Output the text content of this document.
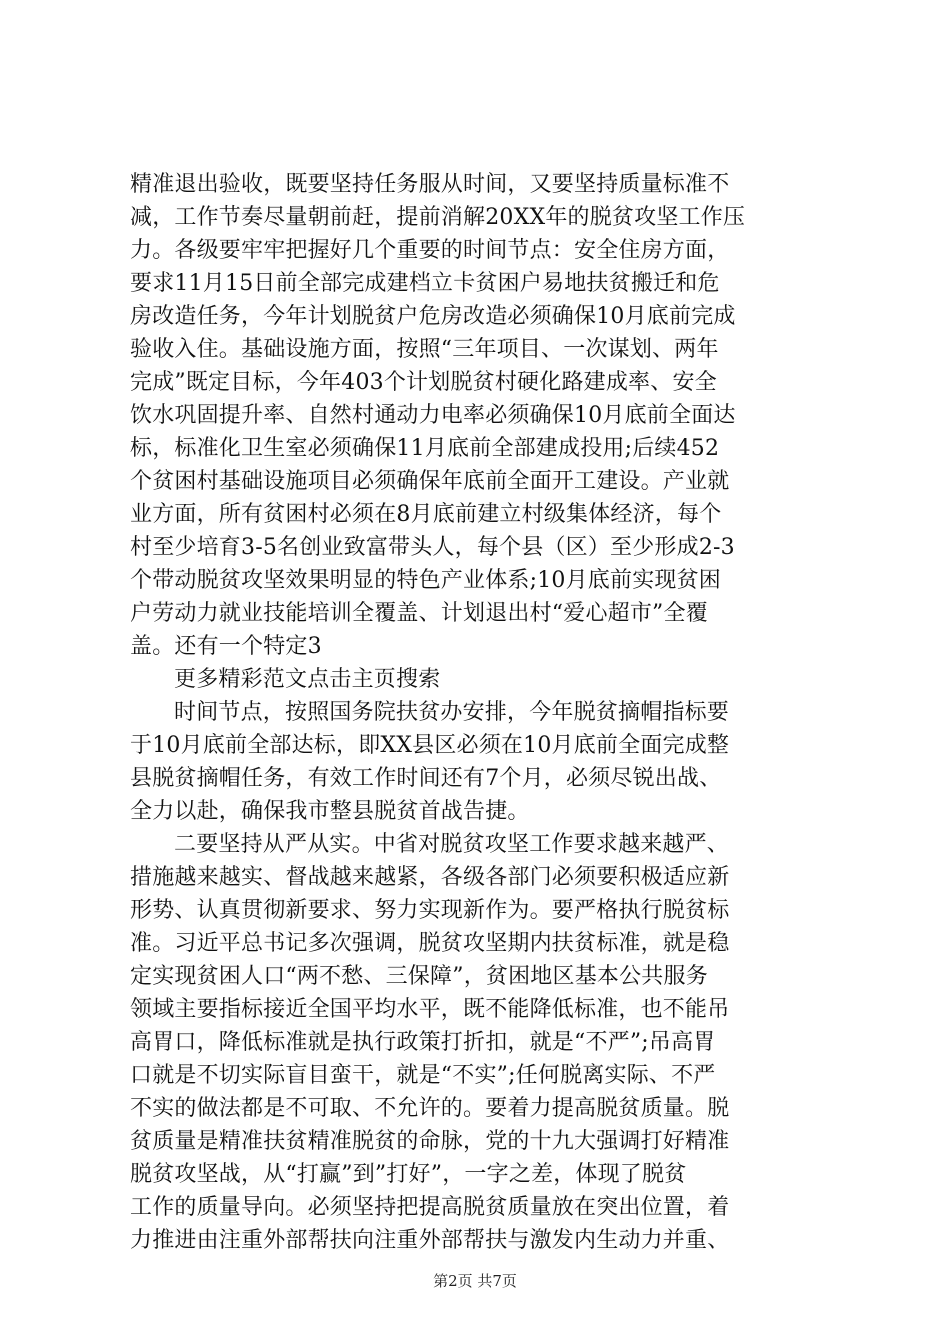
精准退出验收，既要坚持任务服从时间，又要坚持质量标准不
减，工作节奏尽量朝前赶，提前消解20XX年的脱贫攻坚工作压
力。各级要牢牢把握好几个重要的时间节点：安全住房方面，
要求11月15日前全部完成建档立卡贫困户易地扶贫搬迁和危
房改造任务，今年计划脱贫户危房改造必须确保10月底前完成
验收入住。基础设施方面，按照“三年项目、一次谋划、两年
完成”既定目标，今年403个计划脱贫村硬化路建成率、安全
饮水巩固提升率、自然村通动力电率必须确保10月底前全面达
标，标准化卫生室必须确保11月底前全部建成投用;后续452
个贫困村基础设施项目必须确保年底前全面开工建设。产业就
业方面，所有贫困村必须在8月底前建立村级集体经济，每个
村至少培育3-5名创业致富带头人，每个县（区）至少形成2-3
个带动脱贫攻坚效果明显的特色产业体系;10月底前实现贫困
户劳动力就业技能培训全覆盖、计划退出村“爱心超市”全覆
盖。还有一个特定3
更多精彩范文点击主页搜索
时间节点，按照国务院扶贫办安排，今年脱贫摘帽指标要
于10月底前全部达标，即XX县区必须在10月底前全面完成整
县脱贫摘帽任务，有效工作时间还有7个月，必须尽锐出战、
全力以赴，确保我市整县脱贫首战告捷。
二要坚持从严从实。中省对脱贫攻坚工作要求越来越严、
措施越来越实、督战越来越紧，各级各部门必须要积极适应新
形势、认真贯彻新要求、努力实现新作为。要严格执行脱贫标
准。习近平总书记多次强调，脱贫攻坚期内扶贫标准，就是稳
定实现贫困人口“两不愁、三保障”，贫困地区基本公共服务
领域主要指标接近全国平均水平，既不能降低标准，也不能吊
高胃口，降低标准就是执行政策打折扣，就是“不严”;吊高胃
口就是不切实际盲目蛮干，就是“不实”;任何脱离实际、不严
不实的做法都是不可取、不允许的。要着力提高脱贫质量。脱
贫质量是精准扶贫精准脱贫的命脉，党的十九大强调打好精准
脱贫攻坚战，从“打赢”到”打好”，一字之差，体现了脱贫
工作的质量导向。必须坚持把提高脱贫质量放在突出位置，着
力推进由注重外部帮扶向注重外部帮扶与激发内生动力并重、
第2页 共7页
